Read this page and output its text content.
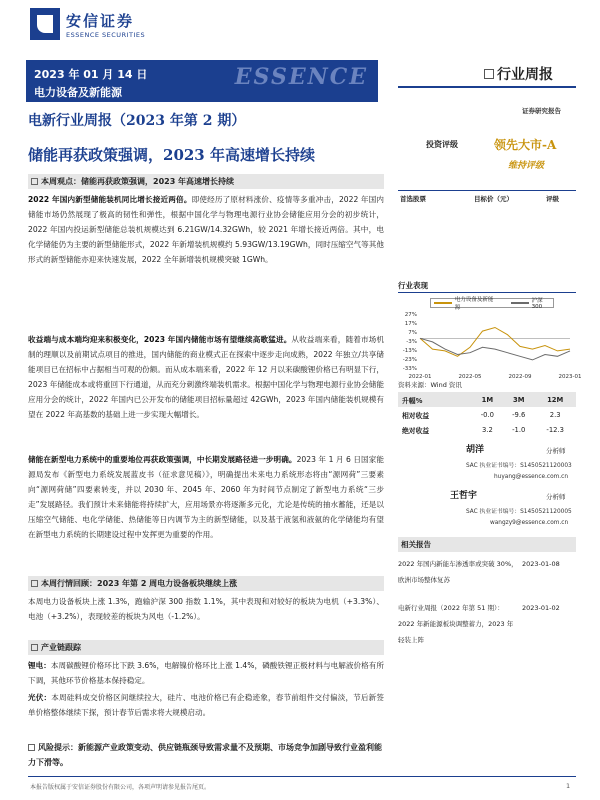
安信证券
ESSENCE SECURITIES
2023 年 01 月 14 日
电力设备及新能源
ESSENCE	行业周报
证券研究报告
电新行业周报（2023 年第 2 期）
储能再获政策强调，2023 年高速增长持续
投资评级	领先大市-A
维持评级
本周观点：储能再获政策强调，2023 年高速增长持续
2022 年国内新型储能装机同比增长接近两倍。即使经历了原材料涨价、疫情等多重冲击，2022 年国内储能市场仍然展现了极高的韧性和弹性，根据中国化学与物理电源行业协会储能应用分会的初步统计，2022 年国内投运新型储能总装机规模达到 6.21GW/14.32GWh，较 2021 年增长接近两倍。其中，电化学储能仍为主要的新型储能形式，2022 年新增装机规模约 5.93GW/13.19GWh，同时压缩空气等其他形式的新型储能亦迎来快速发展，2022 全年新增装机规模突破 1GWh。
收益端与成本端均迎来积极变化，2023 年国内储能市场有望继续高歌猛进。从收益端来看，随着市场机制的理顺以及前期试点项目的推进，国内储能的商业模式正在探索中逐步走向成熟，2022 年独立/共享储能项目已在招标中占据相当可观的份额。而从成本端来看，2022 年 12 月以来碳酸锂价格已有明显下行，2023 年储能成本或将重回下行通道，从而充分刺激终端装机需求。根据中国化学与物理电源行业协会储能应用分会的统计，2022 年国内已公开发布的储能项目招标量超过 42GWh，2023 年国内储能装机规模有望在 2022 年高基数的基础上进一步实现大幅增长。
储能在新型电力系统中的重要地位再获政策强调，中长期发展路径进一步明确。2023 年 1 月 6 日国家能源局发布《新型电力系统发展蓝皮书（征求意见稿）》，明确提出未来电力系统形态将由“源网荷”三要素向“源网荷储”四要素转变，并以 2030 年、2045 年、2060 年为时间节点制定了新型电力系统“三步走”发展路径。我们预计未来储能将持续扩大，应用场景亦将逐渐多元化，尤论是传统的抽水蓄能，还是以压缩空气储能、电化学储能、热储能等日内调节为主的新型储能，以及基于液氢和液氨的化学储能均有望在新型电力系统的长期建设过程中发挥更为重要的作用。
本周行情回顾：2023 年第 2 周电力设备板块继续上涨
本周电力设备板块上涨 1.3%，跑输沪深 300 指数 1.1%，其中表现和对较好的板块为电机（+3.3%）、电池（+3.2%），表现较差的板块为风电（-1.2%）。
产业链跟踪
锂电：本周碳酸锂价格环比下跌 3.6%，电解镍价格环比上涨 1.4%，磷酸铁锂正极材料与电解液价格有所下调，其他环节价格基本保持稳定。
光伏：本周硅料成交价格区间继续拉大，硅片、电池价格已有企稳迹象，春节前组件交付偏淡，节后新签单价格整体继续下探，预计春节后需求将大规模启动。
风险提示：新能源产业政策变动、供应链瓶颈导致需求量不及预期、市场竞争加剧导致行业盈利能力下滑等。
首选股票	目标价（元）	评级
行业表现
电力设备及新能源
沪深300
27%
17%
7%
-3%
-13%
-23%
-33%
2022-01	2022-05	2022-09	2023-01
资料来源：Wind 资讯
升幅%	1M	3M	12M
相对收益	-0.0	-9.6	2.3
绝对收益	3.2	-1.0	-12.3
胡洋	分析师
SAC 执业证书编号：S1450521120003
huyang@essence.com.cn
王哲宇	分析师
SAC 执业证书编号：S1450521120005
wangzy9@essence.com.cn
相关报告
2022 年国内新能车渗透率或突破 30%，欧洲市场整体复苏
2023-01-08
电新行业周报（2022 年第 51 期）：2022 年新能源板块调整蓄力，2023 年轻装上阵
2023-01-02
本报告版权属于安信证券股份有限公司，各项声明请参见报告尾页。	1
